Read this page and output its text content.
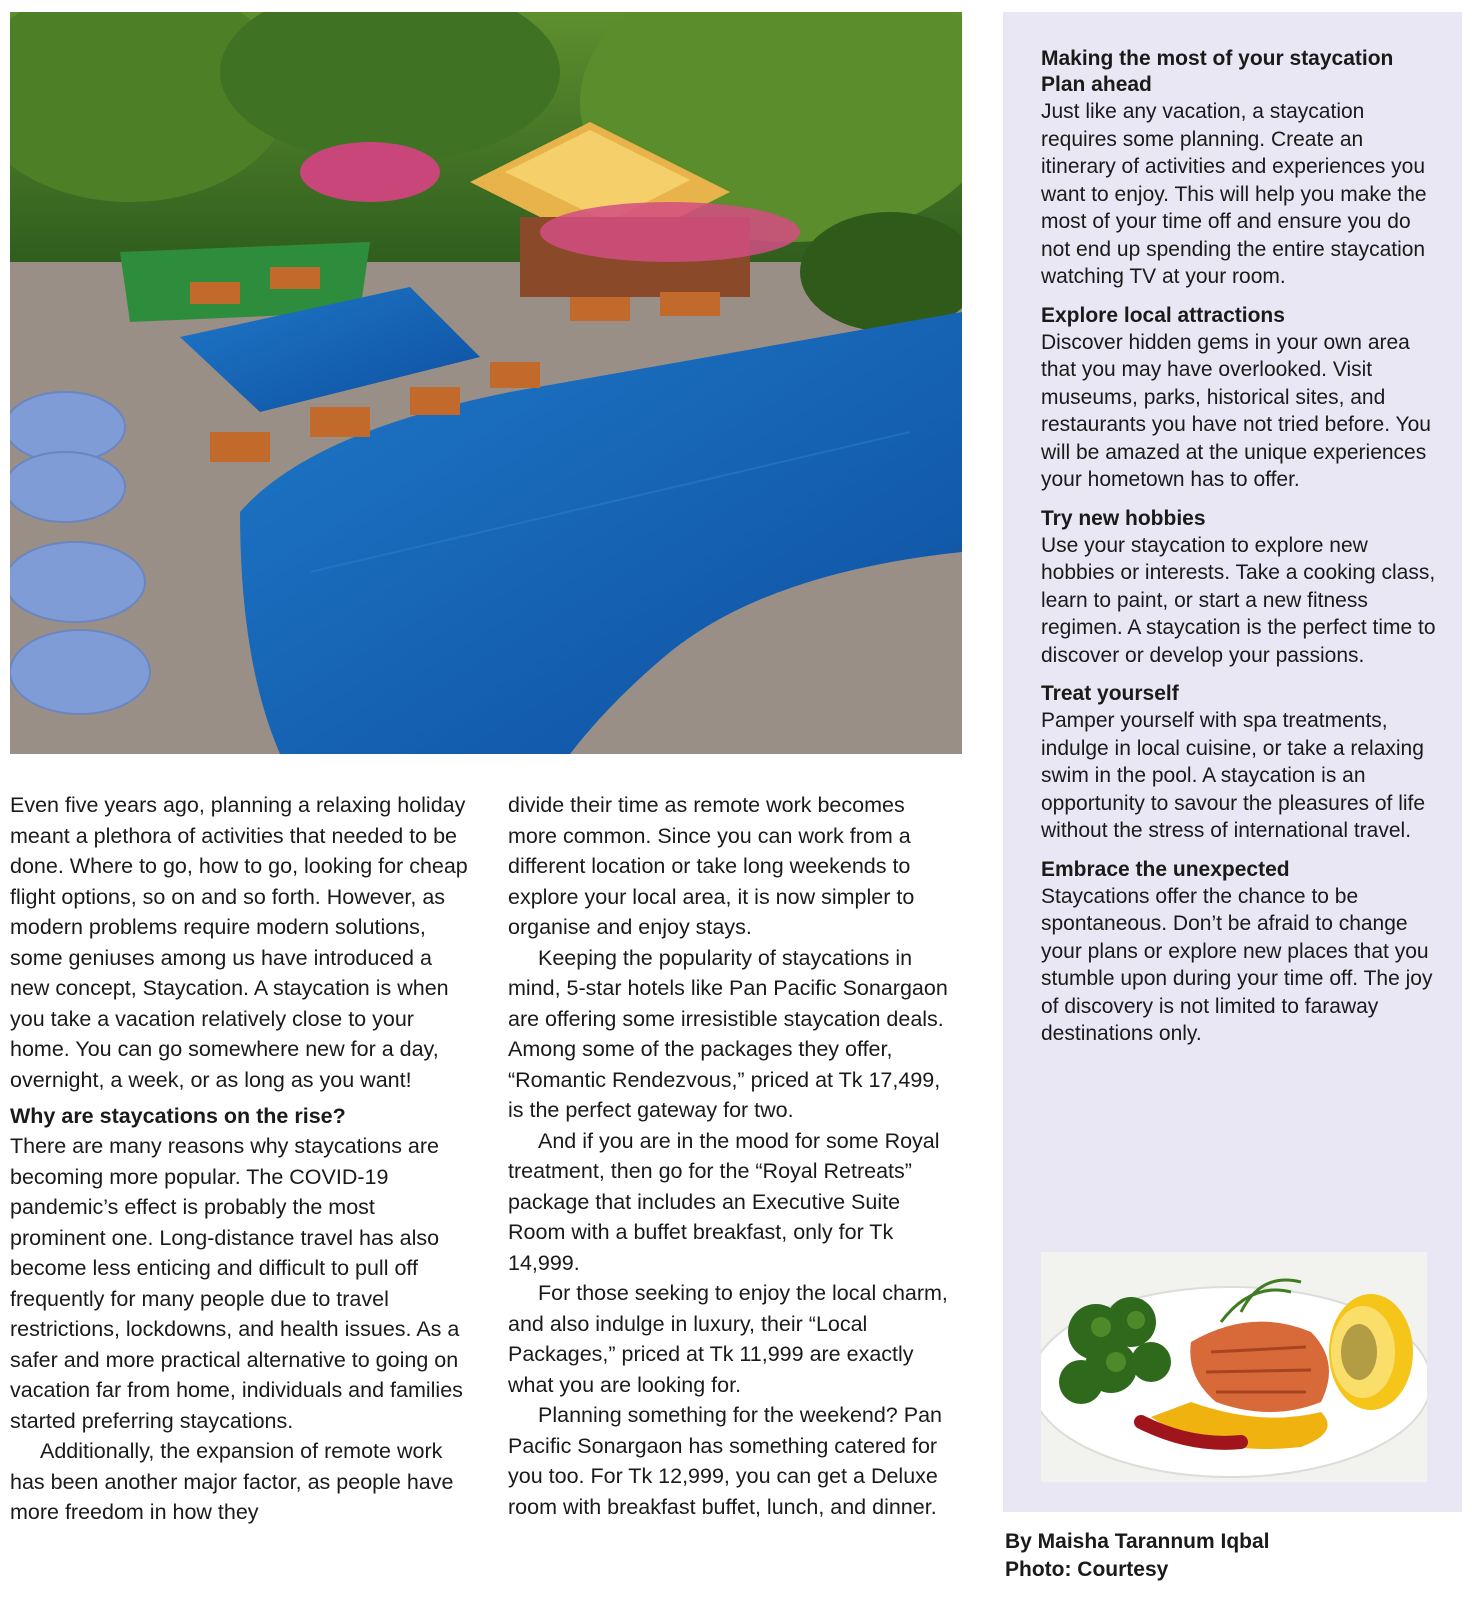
Even five years ago, planning a relaxing holiday meant a plethora of activities that needed to be done. Where to go, how to go, looking for cheap flight options, so on and so forth. However, as modern problems require modern solutions, some geniuses among us have introduced a new concept, Staycation. A staycation is when you take a vacation relatively close to your home. You can go somewhere new for a day, overnight, a week, or as long as you want!

Why are staycations on the rise?

There are many reasons why staycations are becoming more popular. The COVID-19 pandemic’s effect is probably the most prominent one. Long-distance travel has also become less enticing and difficult to pull off frequently for many people due to travel restrictions, lockdowns, and health issues. As a safer and more practical alternative to going on vacation far from home, individuals and families started preferring staycations.

Additionally, the expansion of remote work has been another major factor, as people have more freedom in how they

divide their time as remote work becomes more common. Since you can work from a different location or take long weekends to explore your local area, it is now simpler to organise and enjoy stays.

Keeping the popularity of staycations in mind, 5-star hotels like Pan Pacific Sonargaon are offering some irresistible staycation deals. Among some of the packages they offer, “Romantic Rendezvous,” priced at Tk 17,499, is the perfect gateway for two.

And if you are in the mood for some Royal treatment, then go for the “Royal Retreats” package that includes an Executive Suite Room with a buffet breakfast, only for Tk 14,999.

For those seeking to enjoy the local charm, and also indulge in luxury, their “Local Packages,” priced at Tk 11,999 are exactly what you are looking for.

Planning something for the weekend? Pan Pacific Sonargaon has something catered for you too. For Tk 12,999, you can get a Deluxe room with breakfast buffet, lunch, and dinner.

Making the most of your staycation
Plan ahead

Just like any vacation, a staycation requires some planning. Create an itinerary of activities and experiences you want to enjoy. This will help you make the most of your time off and ensure you do not end up spending the entire staycation watching TV at your room.

Explore local attractions

Discover hidden gems in your own area that you may have overlooked. Visit museums, parks, historical sites, and restaurants you have not tried before. You will be amazed at the unique experiences your hometown has to offer.

Try new hobbies

Use your staycation to explore new hobbies or interests. Take a cooking class, learn to paint, or start a new fitness regimen. A staycation is the perfect time to discover or develop your passions.

Treat yourself

Pamper yourself with spa treatments, indulge in local cuisine, or take a relaxing swim in the pool. A staycation is an opportunity to savour the pleasures of life without the stress of international travel.

Embrace the unexpected

Staycations offer the chance to be spontaneous. Don’t be afraid to change your plans or explore new places that you stumble upon during your time off. The joy of discovery is not limited to faraway destinations only.

By Maisha Tarannum Iqbal
Photo: Courtesy
